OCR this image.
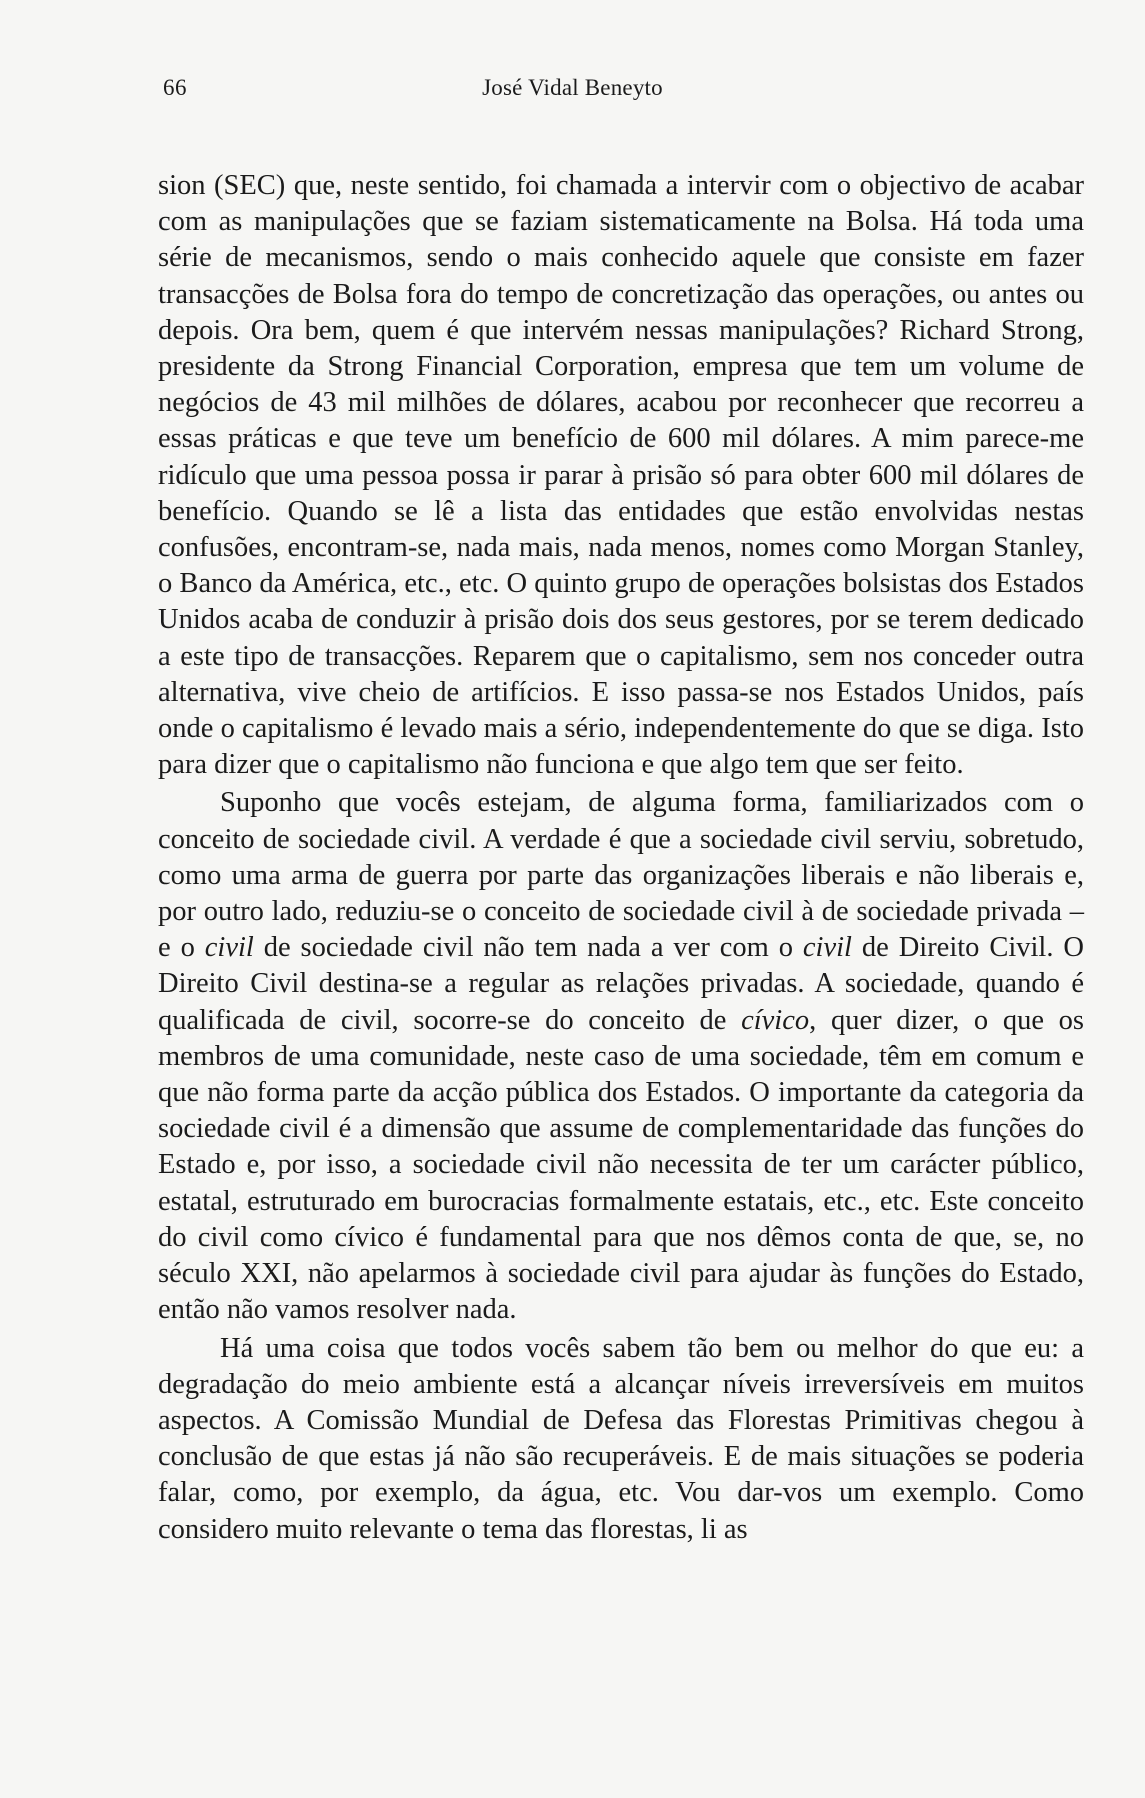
66	José Vidal Beneyto

sion (SEC) que, neste sentido, foi chamada a intervir com o objectivo de acabar com as manipulações que se faziam sistematicamente na Bolsa. Há toda uma série de mecanismos, sendo o mais conhecido aquele que consiste em fazer transacções de Bolsa fora do tempo de concretização das operações, ou antes ou depois. Ora bem, quem é que intervém nessas manipulações? Richard Strong, presidente da Strong Financial Corporation, empresa que tem um volume de negócios de 43 mil milhões de dólares, acabou por reconhecer que recorreu a essas práticas e que teve um benefício de 600 mil dólares. A mim parece-me ridículo que uma pessoa possa ir parar à prisão só para obter 600 mil dólares de benefício. Quando se lê a lista das entidades que estão envolvidas nestas confusões, encontram-se, nada mais, nada menos, nomes como Morgan Stanley, o Banco da América, etc., etc. O quinto grupo de operações bolsistas dos Estados Unidos acaba de conduzir à prisão dois dos seus gestores, por se terem dedicado a este tipo de transacções. Reparem que o capitalismo, sem nos conceder outra alternativa, vive cheio de artifícios. E isso passa-se nos Estados Unidos, país onde o capitalismo é levado mais a sério, independentemente do que se diga. Isto para dizer que o capitalismo não funciona e que algo tem que ser feito.

Suponho que vocês estejam, de alguma forma, familiarizados com o conceito de sociedade civil. A verdade é que a sociedade civil serviu, sobretudo, como uma arma de guerra por parte das organizações liberais e não liberais e, por outro lado, reduziu-se o conceito de sociedade civil à de sociedade privada – e o civil de sociedade civil não tem nada a ver com o civil de Direito Civil. O Direito Civil destina-se a regular as relações privadas. A sociedade, quando é qualificada de civil, socorre-se do conceito de cívico, quer dizer, o que os membros de uma comunidade, neste caso de uma sociedade, têm em comum e que não forma parte da acção pública dos Estados. O importante da categoria da sociedade civil é a dimensão que assume de complementaridade das funções do Estado e, por isso, a sociedade civil não necessita de ter um carácter público, estatal, estruturado em burocracias formalmente estatais, etc., etc. Este conceito do civil como cívico é fundamental para que nos dêmos conta de que, se, no século XXI, não apelarmos à sociedade civil para ajudar às funções do Estado, então não vamos resolver nada.

Há uma coisa que todos vocês sabem tão bem ou melhor do que eu: a degradação do meio ambiente está a alcançar níveis irreversíveis em muitos aspectos. A Comissão Mundial de Defesa das Florestas Primitivas chegou à conclusão de que estas já não são recuperáveis. E de mais situações se poderia falar, como, por exemplo, da água, etc. Vou dar-vos um exemplo. Como considero muito relevante o tema das florestas, li as
